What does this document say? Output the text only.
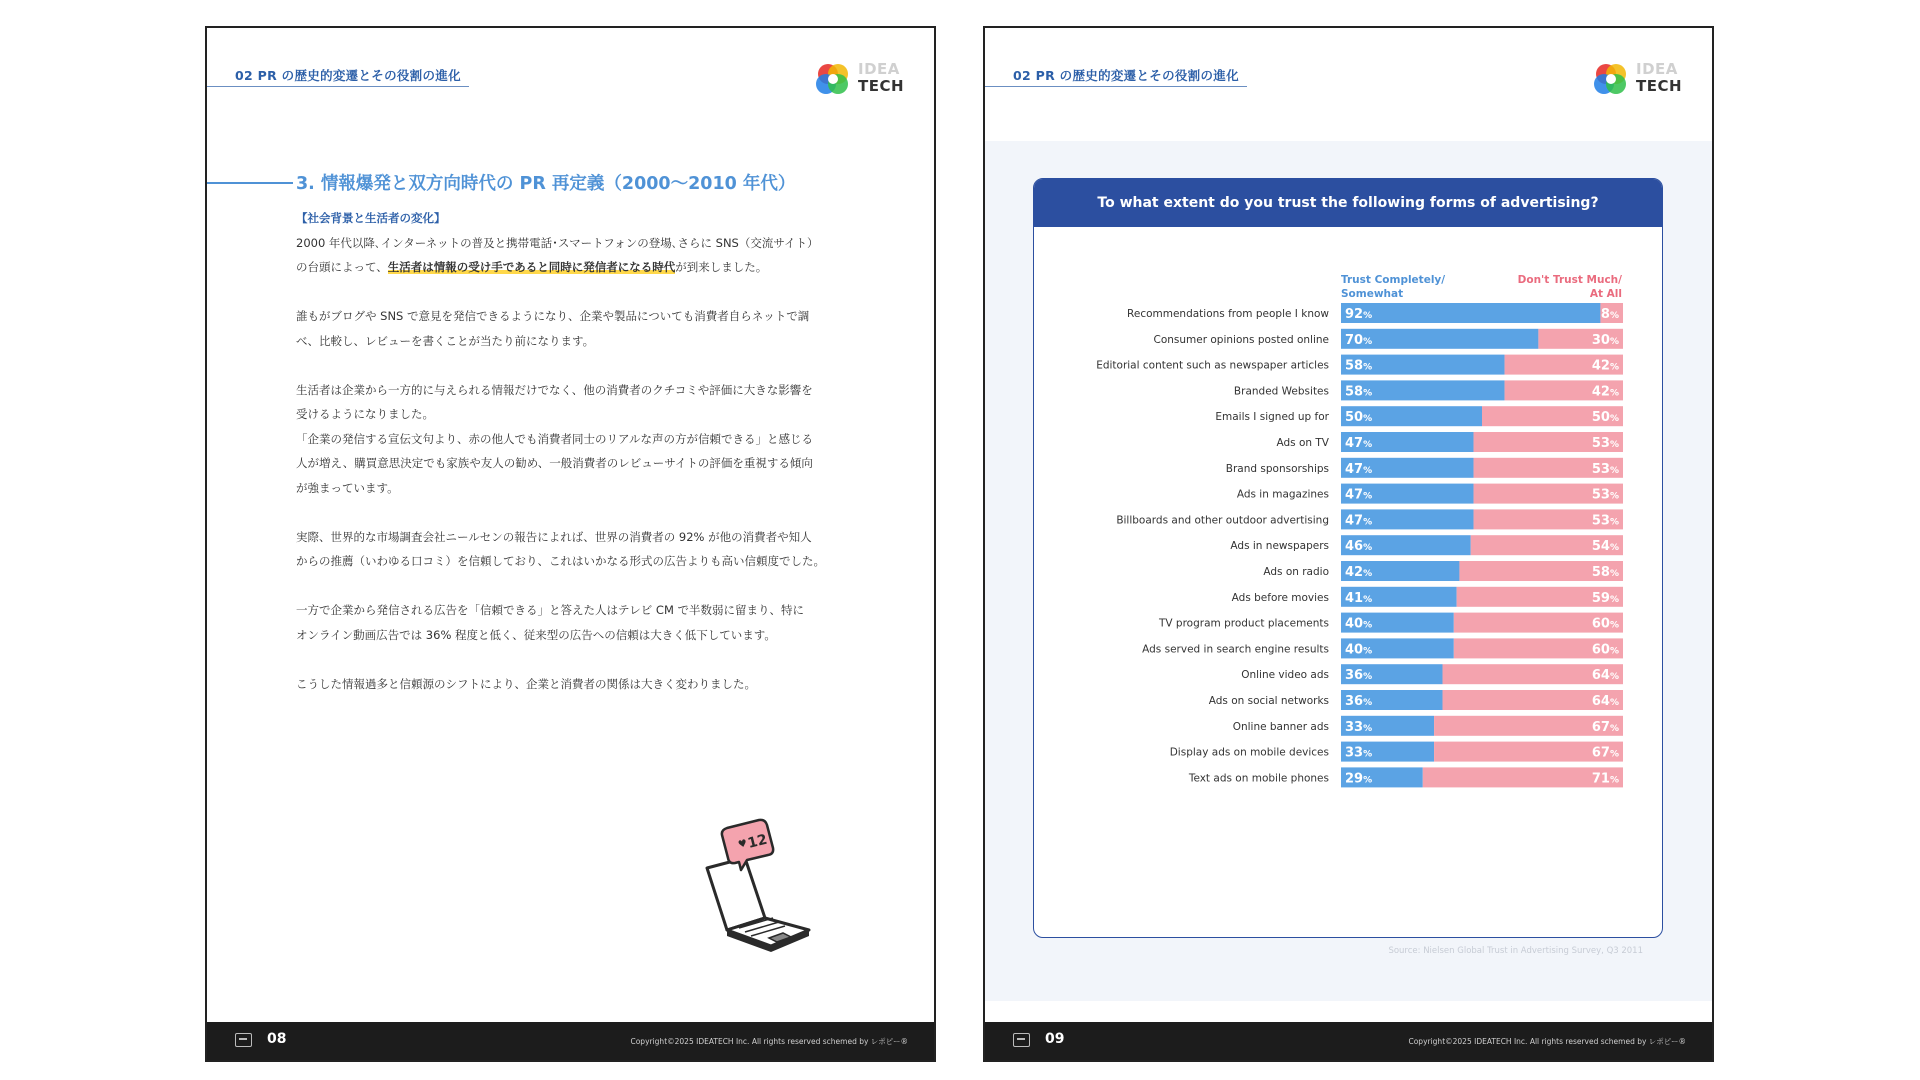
02 PR の歴史的変遷とその役割の進化	IDEA
TECH
3. 情報爆発と双方向時代の PR 再定義（2000〜2010 年代）

【社会背景と生活者の変化】

2000 年代以降､インターネットの普及と携帯電話･スマートフォンの登場､さらに SNS（交流サイト）

の台頭によって、生活者は情報の受け手であると同時に発信者になる時代が到来しました。

誰もがブログや SNS で意見を発信できるようになり、企業や製品についても消費者自らネットで調

べ、比較し、レビューを書くことが当たり前になります。

生活者は企業から一方的に与えられる情報だけでなく、他の消費者のクチコミや評価に大きな影響を

受けるようになりました。

「企業の発信する宣伝文句より、赤の他人でも消費者同士のリアルな声の方が信頼できる」と感じる

人が増え、購買意思決定でも家族や友人の勧め、一般消費者のレビューサイトの評価を重視する傾向

が強まっています。

実際、世界的な市場調査会社ニールセンの報告によれば、世界の消費者の 92% が他の消費者や知人

からの推薦（いわゆる口コミ）を信頼しており、これはいかなる形式の広告よりも高い信頼度でした。

一方で企業から発信される広告を「信頼できる」と答えた人はテレビ CM で半数弱に留まり、特に

オンライン動画広告では 36% 程度と低く、従来型の広告への信頼は大きく低下しています。

こうした情報過多と信頼源のシフトにより、企業と消費者の関係は大きく変わりました。

♥
12
08	Copyright©2025 IDEATECH Inc. All rights reserved schemed by レポピー®
02 PR の歴史的変遷とその役割の進化	IDEA
TECH
To what extent do you trust the following forms of advertising?
Trust Completely/
Somewhat
Don't Trust Much/
At All
Recommendations from people I know 92%	8%
Consumer opinions posted online 70%	30%
Editorial content such as newspaper articles 58%	42%
Branded Websites 58%	42%
Emails I signed up for 50%	50%
Ads on TV 47%	53%
Brand sponsorships 47%	53%
Ads in magazines 47%	53%
Billboards and other outdoor advertising 47%	53%
Ads in newspapers 46%	54%
Ads on radio 42%	58%
Ads before movies 41%	59%
TV program product placements 40%	60%
Ads served in search engine results 40%	60%
Online video ads 36%	64%
Ads on social networks 36%	64%
Online banner ads 33%	67%
Display ads on mobile devices 33%	67%
Text ads on mobile phones 29%	71%
Source: Nielsen Global Trust in Advertising Survey, Q3 2011
09	Copyright©2025 IDEATECH Inc. All rights reserved schemed by レポピー®
